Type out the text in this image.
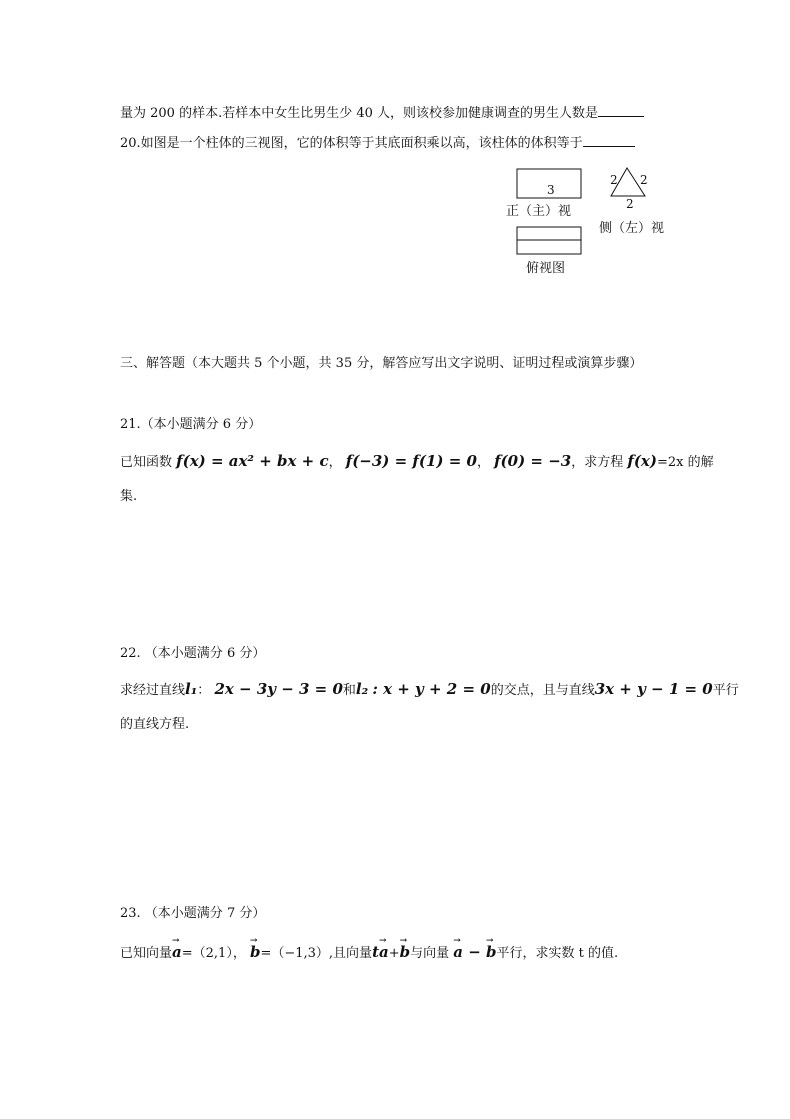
量为 200 的样本.若样本中女生比男生少 40 人，则该校参加健康调查的男生人数是
20.如图是一个柱体的三视图，它的体积等于其底面积乘以高，该柱体的体积等于
3
正（主）视
2 2
2
侧（左）视
俯视图
三、解答题（本大题共 5 个小题，共 35 分，解答应写出文字说明、证明过程或演算步骤）
21.（本小题满分 6 分）
已知函数 f(x) = ax² + bx + c， f(−3) = f(1) = 0， f(0) = −3，求方程 f(x)=2x 的解
集.
22. （本小题满分 6 分）
求经过直线l₁： 2x − 3y − 3 = 0和l₂ : x + y + 2 = 0的交点，且与直线3x + y − 1 = 0平行
的直线方程.
23. （本小题满分 7 分）
已知向量→ a=（2,1）， → b=（−1,3）,且向量t→ a+→ b与向量 → a − → b平行，求实数 t 的值.
